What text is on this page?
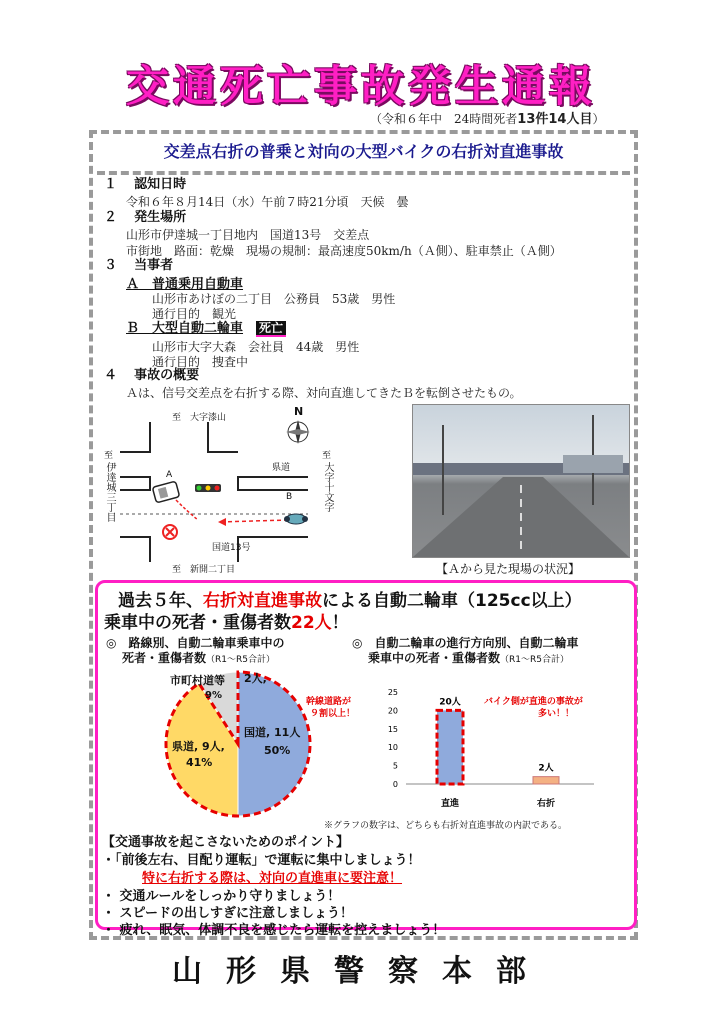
交通死亡事故発生通報
（令和６年中　24時間死者13件14人目）
交差点右折の普乗と対向の大型バイクの右折対直進事故
１　 認知日時
令和６年８月14日（水）午前７時21分頃　天候　曇
２　 発生場所
山形市伊達城一丁目地内　国道13号　交差点
市街地　路面：乾燥　現場の規制：最高速度50km/h（Ａ側）、駐車禁止（Ａ側）
３　 当事者
Ａ　普通乗用自動車
山形市あけぼの二丁目　公務員　53歳　男性
通行目的　観光
Ｂ　大型自動二輪車　 死亡
山形市大字大森　会社員　44歳　男性
通行目的　捜査中
４　 事故の概要
Ａは、信号交差点を右折する際、対向直進してきたＢを転倒させたもの。
至　 大字漆山	N
至
伊達城三丁目
至
大字十文字
至　 新開二丁目
県道
国道13号
A
B
【Ａから見た現場の状況】
過去５年、右折対直進事故による自動二輪車（125cc以上）
乗車中の死者・重傷者数22人！
◎　路線別、自動二輪車乗車中の
死者・重傷者数（R1～R5合計）
◎　自動二輪車の進行方向別、自動二輪車
乗車中の死者・重傷者数（R1～R5合計）
市町村道等
9%
2人,
国道, 11人
50%
県道, 9人,
41%
幹線道路が
９割以上！
0
5
10
15
20
25
20人
直進
2人
右折
バイク側が直進の事故が
多い！！
※グラフの数字は、どちらも右折対直進事故の内訳である。
【交通事故を起こさないためのポイント】
・「前後左右、目配り運転」で運転に集中しましょう！
特に右折する際は、対向の直進車に要注意！
・ 交通ルールをしっかり守りましょう！
・ スピードの出しすぎに注意しましょう！
・ 疲れ、眠気、体調不良を感じたら運転を控えましょう！
山形県警察本部
